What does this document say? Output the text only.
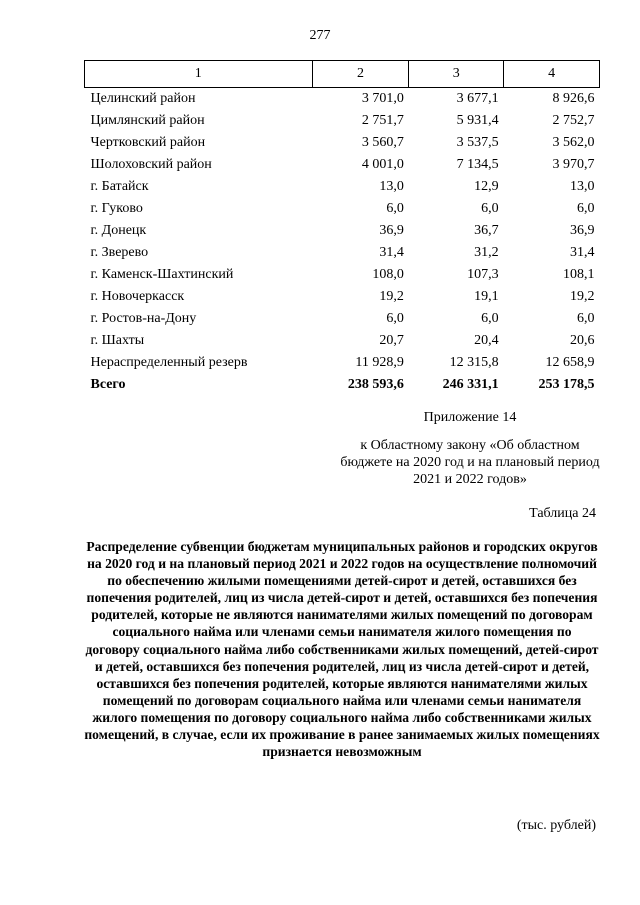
277
1	2	3	4
Целинский район	3 701,0	3 677,1	8 926,6
Цимлянский район	2 751,7	5 931,4	2 752,7
Чертковский район	3 560,7	3 537,5	3 562,0
Шолоховский район	4 001,0	7 134,5	3 970,7
г. Батайск	13,0	12,9	13,0
г. Гуково	6,0	6,0	6,0
г. Донецк	36,9	36,7	36,9
г. Зверево	31,4	31,2	31,4
г. Каменск-Шахтинский	108,0	107,3	108,1
г. Новочеркасск	19,2	19,1	19,2
г. Ростов-на-Дону	6,0	6,0	6,0
г. Шахты	20,7	20,4	20,6
Нераспределенный резерв	11 928,9	12 315,8	12 658,9
Всего	238 593,6	246 331,1	253 178,5
Приложение 14
к Областному закону «Об областном бюджете на 2020 год и на плановый период 2021 и 2022 годов»
Таблица 24
Распределение субвенции бюджетам муниципальных районов и городских округов на 2020 год и на плановый период 2021 и 2022 годов на осуществление полномочий по обеспечению жилыми помещениями детей-сирот и детей, оставшихся без попечения родителей, лиц из числа детей-сирот и детей, оставшихся без попечения родителей, которые не являются нанимателями жилых помещений по договорам социального найма или членами семьи нанимателя жилого помещения по договору социального найма либо собственниками жилых помещений, детей-сирот и детей, оставшихся без попечения родителей, лиц из числа детей-сирот и детей, оставшихся без попечения родителей, которые являются нанимателями жилых помещений по договорам социального найма или членами семьи нанимателя жилого помещения по договору социального найма либо собственниками жилых помещений, в случае, если их проживание в ранее занимаемых жилых помещениях признается невозможным
(тыс. рублей)
